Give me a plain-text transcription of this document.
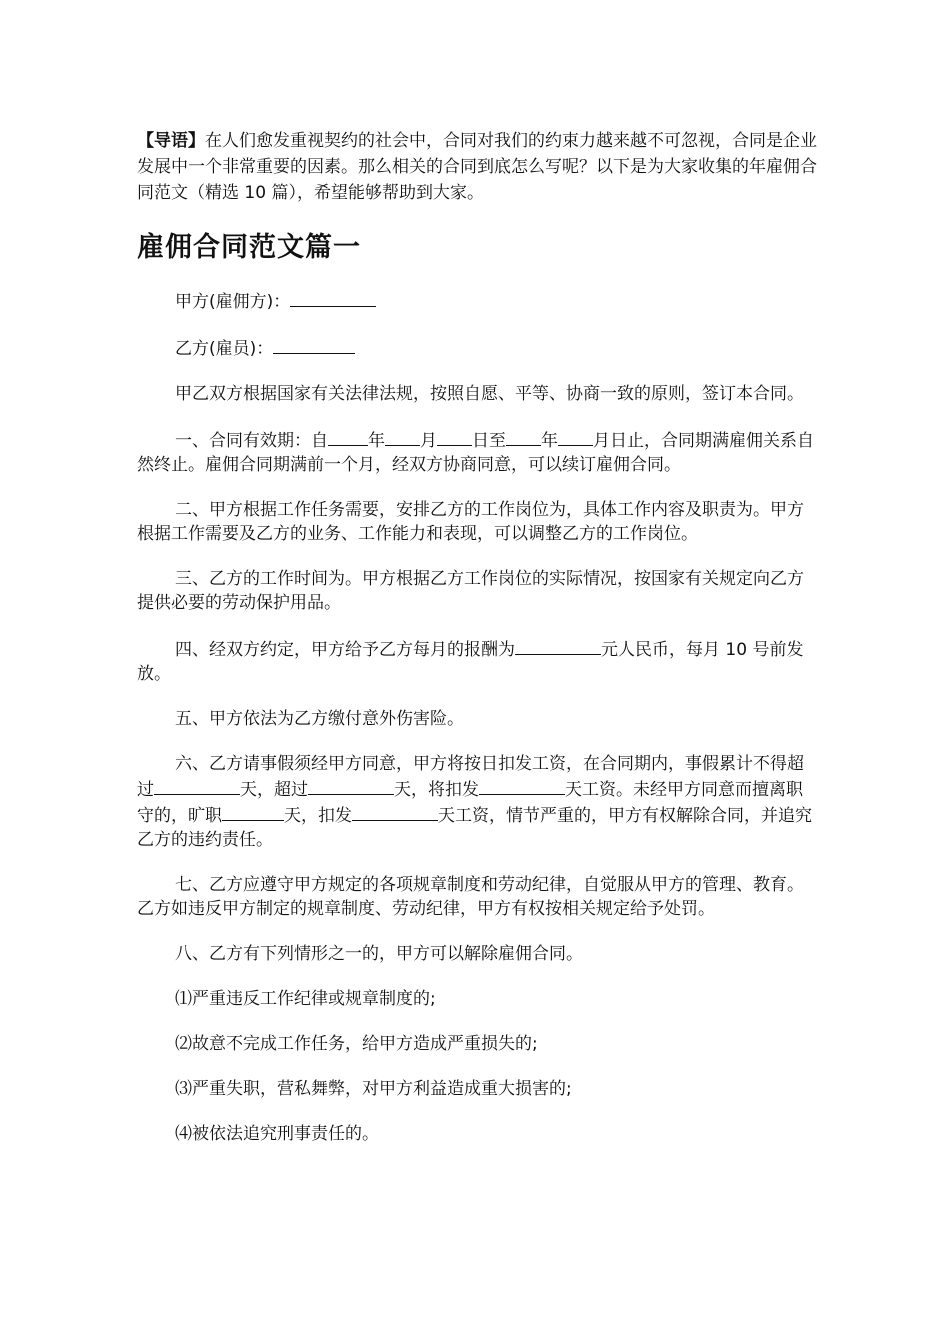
【导语】在人们愈发重视契约的社会中，合同对我们的约束力越来越不可忽视，合同是企业发展中一个非常重要的因素。那么相关的合同到底怎么写呢？以下是为大家收集的年雇佣合同范文（精选 10 篇），希望能够帮助到大家。

雇佣合同范文篇一

甲方(雇佣方)：

乙方(雇员)：

甲乙双方根据国家有关法律法规，按照自愿、平等、协商一致的原则，签订本合同。

一、合同有效期：自 年 月 日至 年 月日止，合同期满雇佣关系自然终止。雇佣合同期满前一个月，经双方协商同意，可以续订雇佣合同。

二、甲方根据工作任务需要，安排乙方的工作岗位为，具体工作内容及职责为。甲方根据工作需要及乙方的业务、工作能力和表现，可以调整乙方的工作岗位。

三、乙方的工作时间为。甲方根据乙方工作岗位的实际情况，按国家有关规定向乙方提供必要的劳动保护用品。

四、经双方约定，甲方给予乙方每月的报酬为	元人民币，每月 10 号前发放。

五、甲方依法为乙方缴付意外伤害险。

六、乙方请事假须经甲方同意，甲方将按日扣发工资，在合同期内，事假累计不得超过	天，超过	天，将扣发	天工资。未经甲方同意而擅离职守的，旷职	天，扣发	天工资，情节严重的，甲方有权解除合同，并追究乙方的违约责任。

七、乙方应遵守甲方规定的各项规章制度和劳动纪律，自觉服从甲方的管理、教育。乙方如违反甲方制定的规章制度、劳动纪律，甲方有权按相关规定给予处罚。

八、乙方有下列情形之一的，甲方可以解除雇佣合同。

⑴严重违反工作纪律或规章制度的;

⑵故意不完成工作任务，给甲方造成严重损失的;

⑶严重失职，营私舞弊，对甲方利益造成重大损害的;

⑷被依法追究刑事责任的。
